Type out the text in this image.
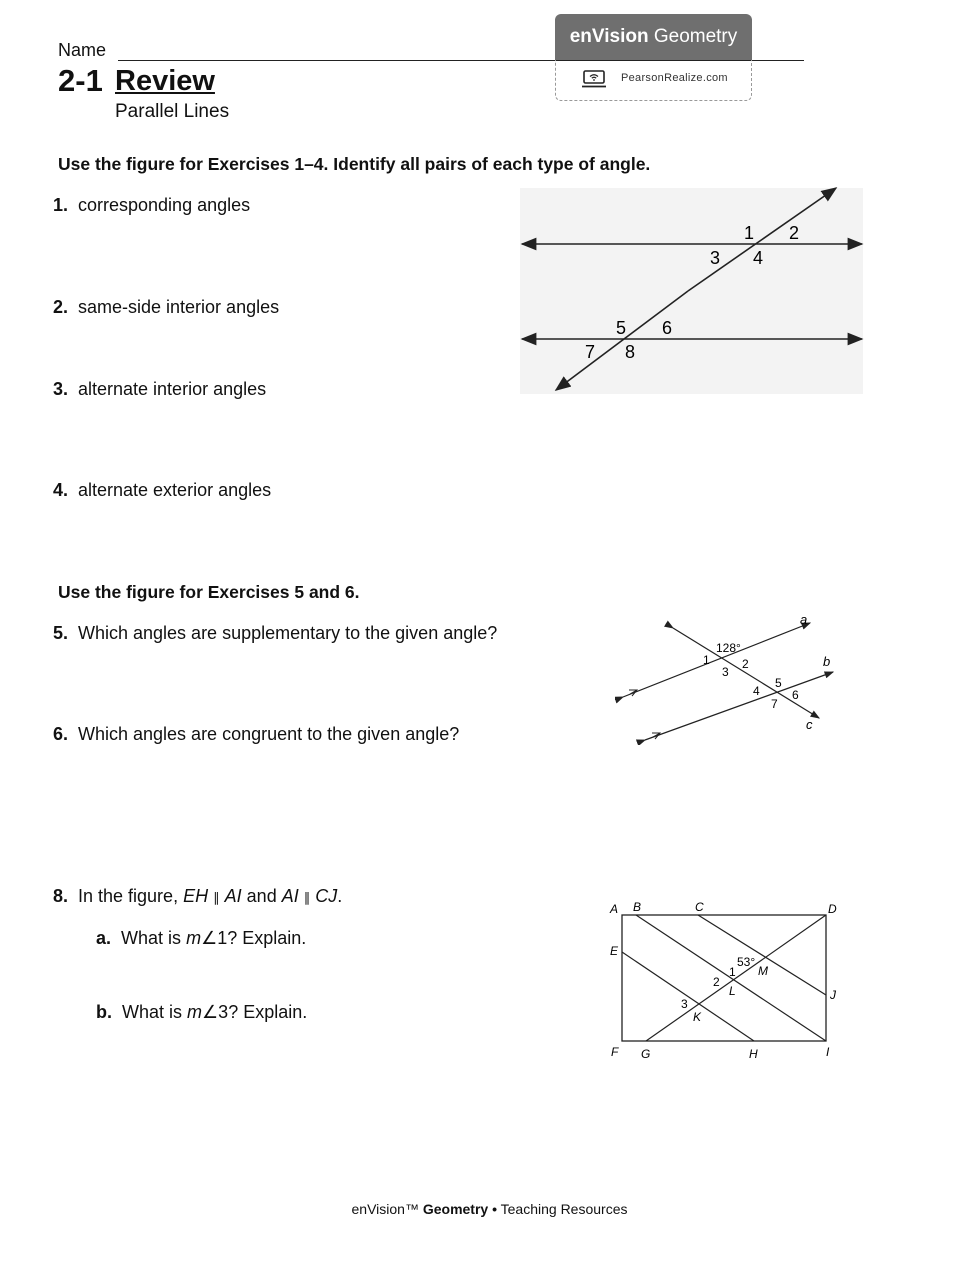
Name
2-1 Review
Parallel Lines
enVision Geometry
PearsonRealize.com
Use the figure for Exercises 1–4. Identify all pairs of each type of angle.
1. corresponding angles
2. same-side interior angles
3. alternate interior angles
4. alternate exterior angles
1 2
3 4
5 6
7 8
Use the figure for Exercises 5 and 6.
5. Which angles are supplementary to the given angle?
6. Which angles are congruent to the given angle?
128°
1	2
3
4
5
6
7
a
b
c
8. In the figure, EH ∥ AI and AI ∥ CJ.
a. What is m∠1? Explain.
b. What is m∠3? Explain.
A B	C	D
E
F G	H	I
J
K
L
M
53°
1
2
3
enVision™ Geometry • Teaching Resources
